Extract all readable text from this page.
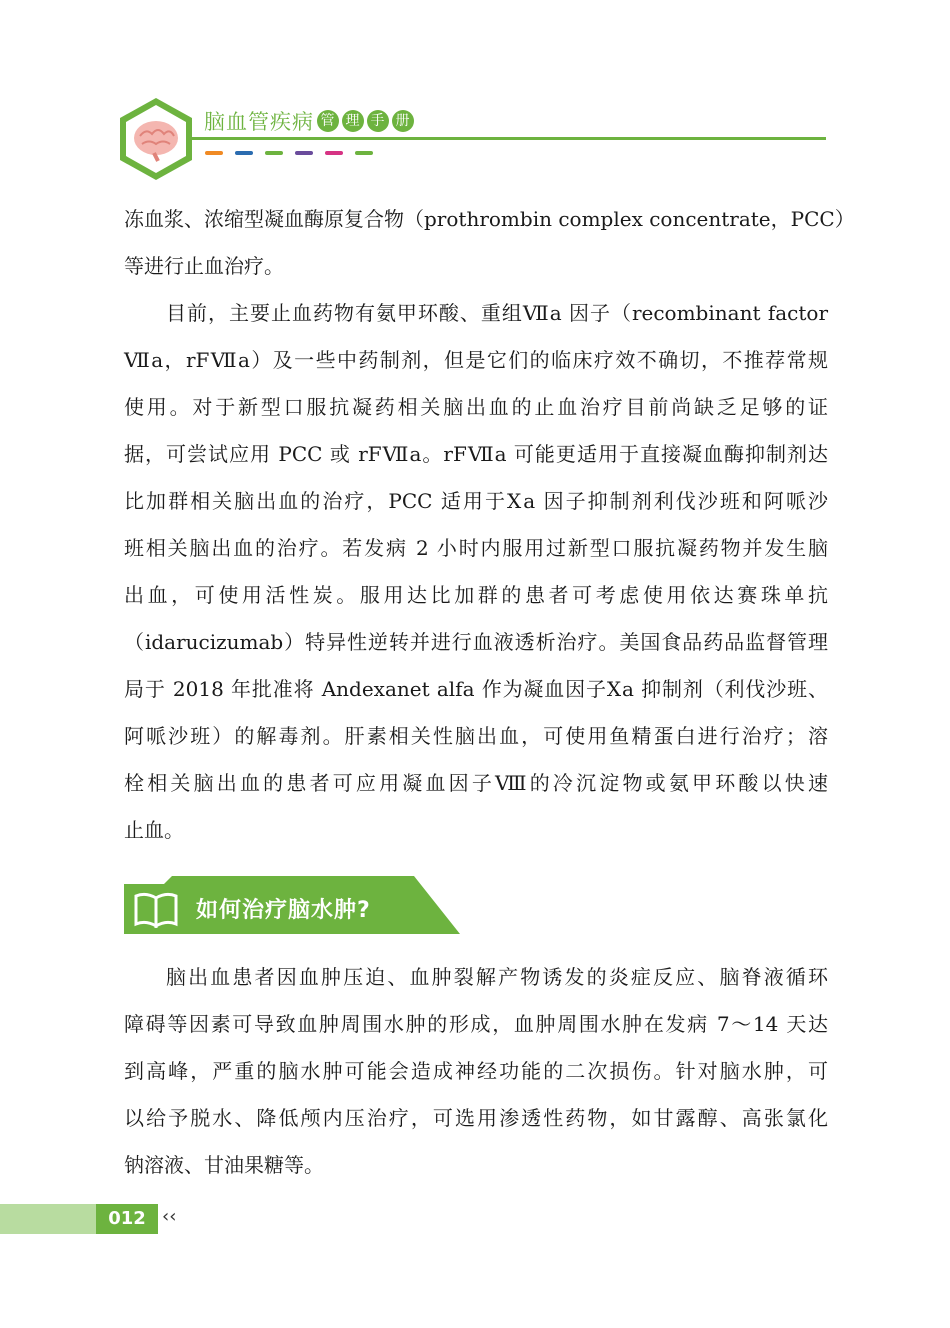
脑血管疾病 管 理 手 册
冻血浆、浓缩型凝血酶原复合物（prothrombin complex concentrate，PCC）
等进行止血治疗。
目前，主要止血药物有氨甲环酸、重组Ⅶa 因子（recombinant factor
Ⅶa，rFⅦa）及一些中药制剂，但是它们的临床疗效不确切，不推荐常规
使用。对于新型口服抗凝药相关脑出血的止血治疗目前尚缺乏足够的证
据，可尝试应用 PCC 或 rFⅦa。rFⅦa 可能更适用于直接凝血酶抑制剂达
比加群相关脑出血的治疗，PCC 适用于Ⅹa 因子抑制剂利伐沙班和阿哌沙
班相关脑出血的治疗。若发病 2 小时内服用过新型口服抗凝药物并发生脑
出血，可使用活性炭。服用达比加群的患者可考虑使用依达赛珠单抗
（idarucizumab）特异性逆转并进行血液透析治疗。美国食品药品监督管理
局于 2018 年批准将 Andexanet alfa 作为凝血因子Ⅹa 抑制剂（利伐沙班、
阿哌沙班）的解毒剂。肝素相关性脑出血，可使用鱼精蛋白进行治疗；溶
栓相关脑出血的患者可应用凝血因子Ⅷ的冷沉淀物或氨甲环酸以快速
止血。
如何治疗脑水肿?
脑出血患者因血肿压迫、血肿裂解产物诱发的炎症反应、脑脊液循环
障碍等因素可导致血肿周围水肿的形成，血肿周围水肿在发病 7～14 天达
到高峰，严重的脑水肿可能会造成神经功能的二次损伤。针对脑水肿，可
以给予脱水、降低颅内压治疗，可选用渗透性药物，如甘露醇、高张氯化
钠溶液、甘油果糖等。
012 ‹‹
